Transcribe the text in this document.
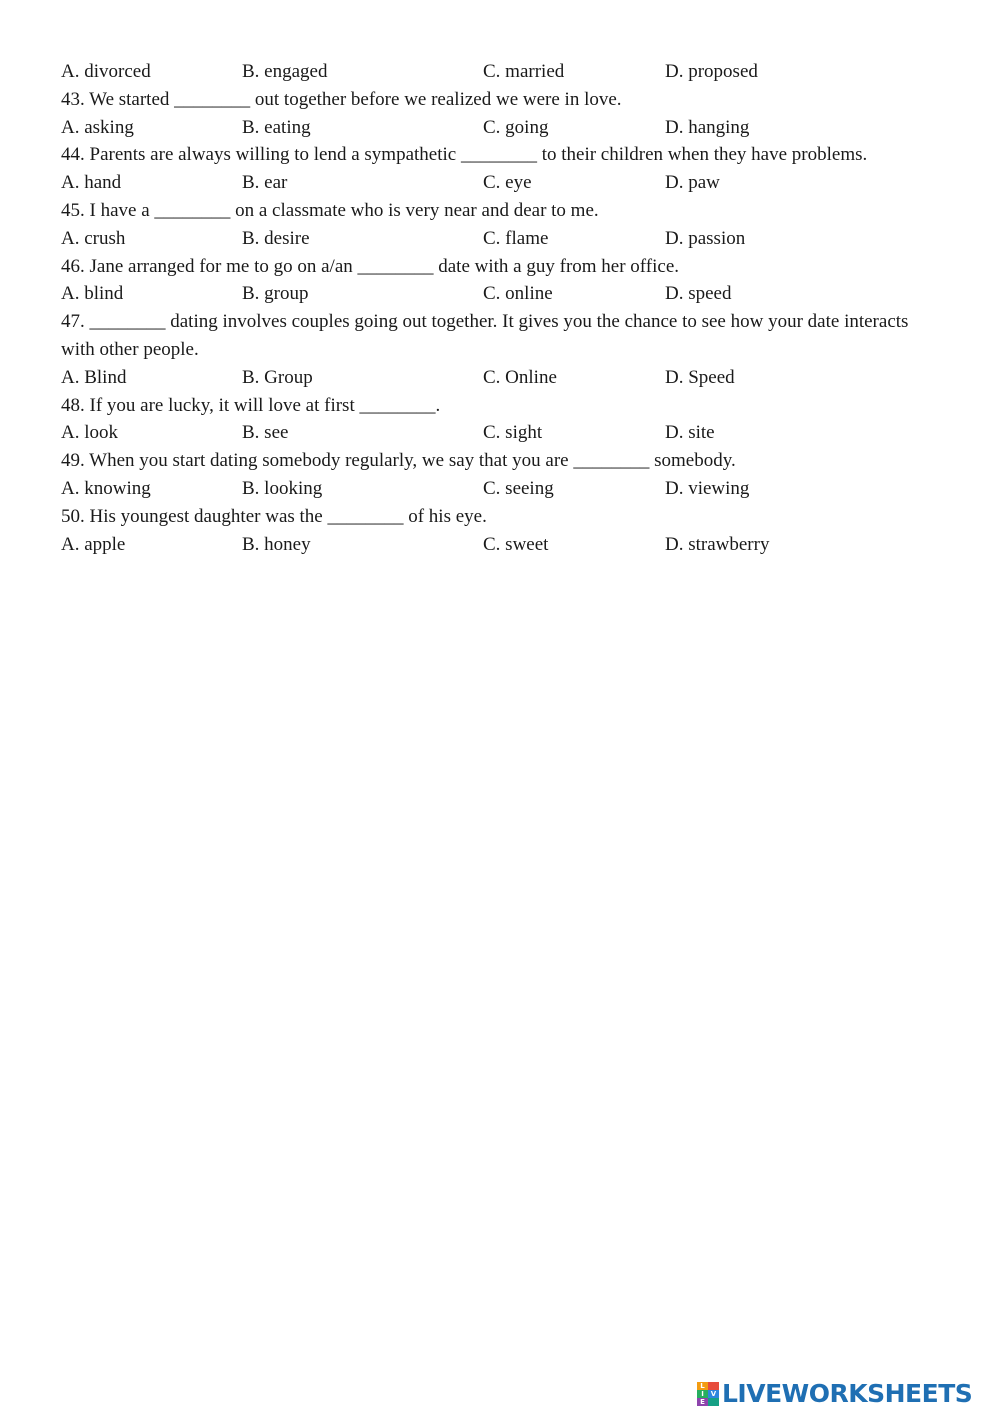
A. divorced	B. engaged	C. married	D. proposed
43. We started ________ out together before we realized we were in love.
A. asking	B. eating	C. going	D. hanging
44. Parents are always willing to lend a sympathetic ________ to their children when they have problems.
A. hand	B. ear	C. eye	D. paw
45. I have a ________ on a classmate who is very near and dear to me.
A. crush	B. desire	C. flame	D. passion
46. Jane arranged for me to go on a/an ________ date with a guy from her office.
A. blind	B. group	C. online	D. speed
47. ________ dating involves couples going out together. It gives you the chance to see how your date interacts with other people.
A. Blind	B. Group	C. Online	D. Speed
48. If you are lucky, it will love at first ________.
A. look	B. see	C. sight	D. site
49. When you start dating somebody regularly, we say that you are ________ somebody.
A. knowing	B. looking	C. seeing	D. viewing
50. His youngest daughter was the ________ of his eye.
A. apple	B. honey	C. sweet	D. strawberry
L
I V
E LIVEWORKSHEETS
